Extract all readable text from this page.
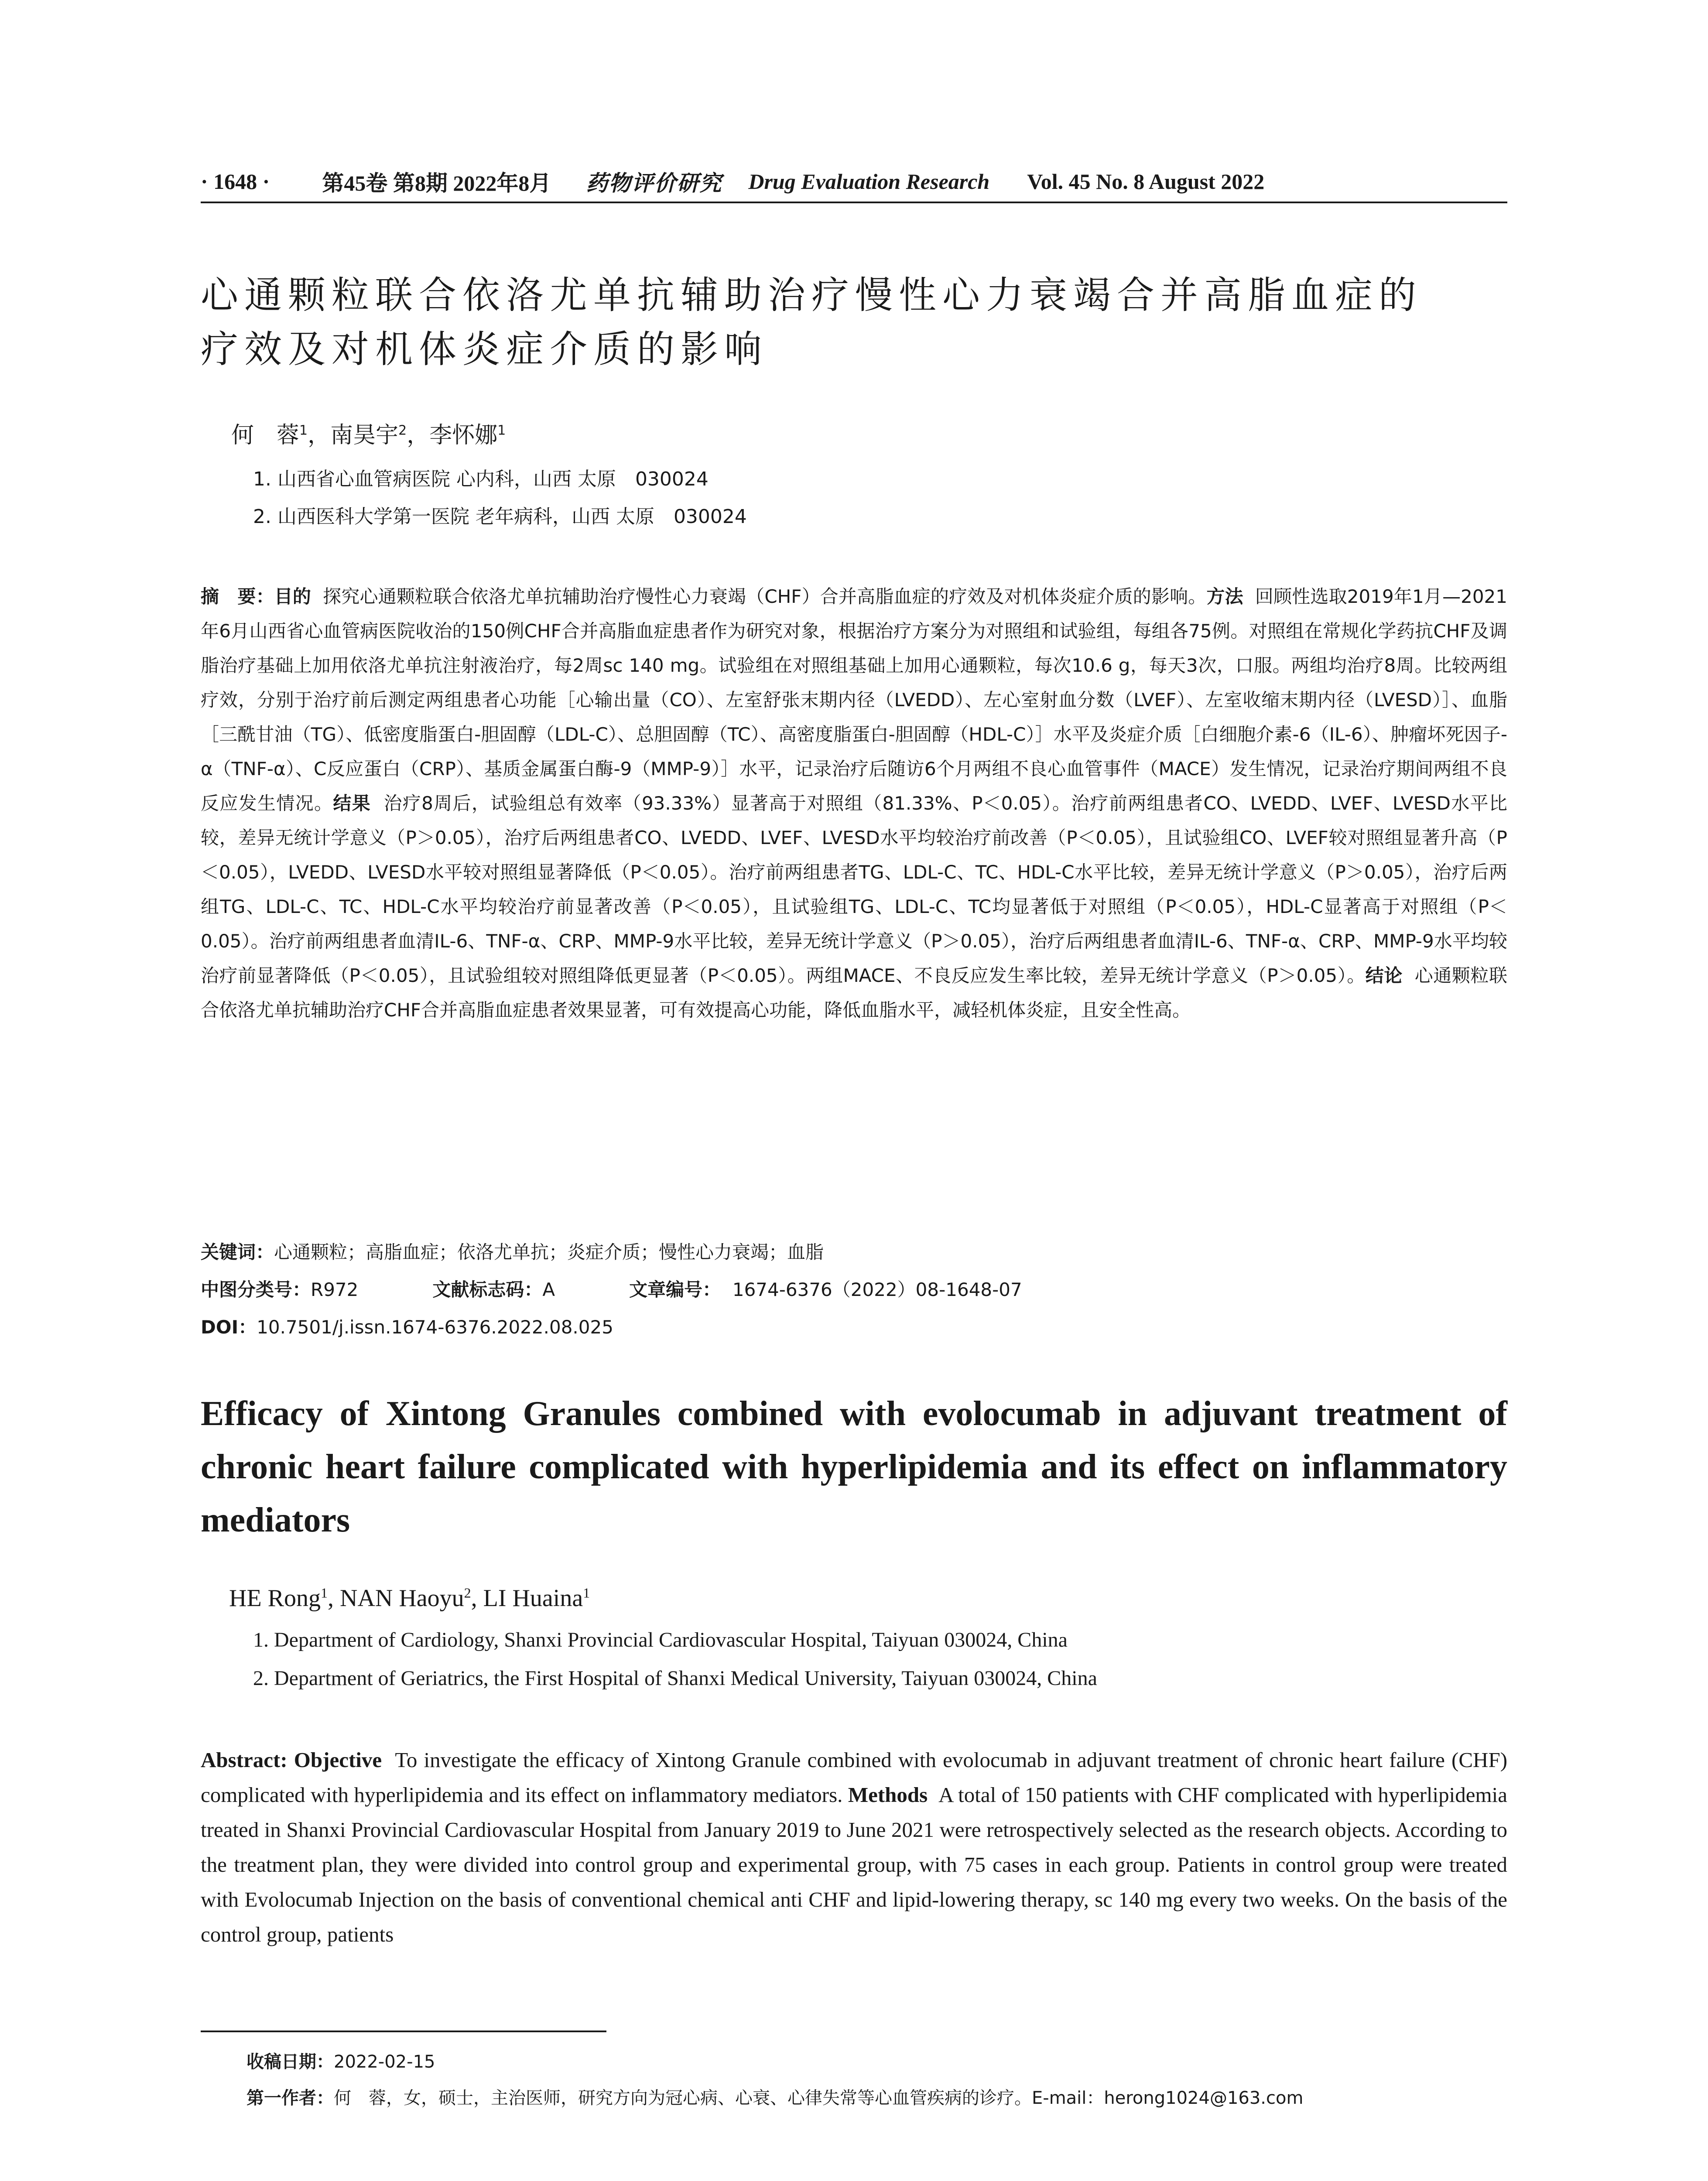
· 1648 · 第45卷 第8期 2022年8月 药物评价研究 Drug Evaluation Research Vol. 45 No. 8 August 2022
心通颗粒联合依洛尤单抗辅助治疗慢性心力衰竭合并高脂血症的
疗效及对机体炎症介质的影响
何　蓉$^1$，南昊宇$^2$，李怀娜$^1$
1. 山西省心血管病医院 心内科，山西 太原　030024
2. 山西医科大学第一医院 老年病科，山西 太原　030024

摘　要：目的 探究心通颗粒联合依洛尤单抗辅助治疗慢性心力衰竭（CHF）合并高脂血症的疗效及对机体炎症介质的影响。方法 回顾性选取2019年1月—2021年6月山西省心血管病医院收治的150例CHF合并高脂血症患者作为研究对象，根据治疗方案分为对照组和试验组，每组各75例。对照组在常规化学药抗CHF及调脂治疗基础上加用依洛尤单抗注射液治疗，每2周sc 140 mg。试验组在对照组基础上加用心通颗粒，每次10.6 g，每天3次，口服。两组均治疗8周。比较两组疗效，分别于治疗前后测定两组患者心功能［心输出量（CO）、左室舒张末期内径（LVEDD）、左心室射血分数（LVEF）、左室收缩末期内径（LVESD）］、血脂［三酰甘油（TG）、低密度脂蛋白-胆固醇（LDL-C）、总胆固醇（TC）、高密度脂蛋白-胆固醇（HDL-C）］水平及炎症介质［白细胞介素-6（IL-6）、肿瘤坏死因子-α（TNF-α）、C反应蛋白（CRP）、基质金属蛋白酶-9（MMP-9）］水平，记录治疗后随访6个月两组不良心血管事件（MACE）发生情况，记录治疗期间两组不良反应发生情况。结果 治疗8周后，试验组总有效率（93.33%）显著高于对照组（81.33%、P＜0.05）。治疗前两组患者CO、LVEDD、LVEF、LVESD水平比较，差异无统计学意义（P＞0.05），治疗后两组患者CO、LVEDD、LVEF、LVESD水平均较治疗前改善（P＜0.05），且试验组CO、LVEF较对照组显著升高（P＜0.05），LVEDD、LVESD水平较对照组显著降低（P＜0.05）。治疗前两组患者TG、LDL-C、TC、HDL-C水平比较，差异无统计学意义（P＞0.05），治疗后两组TG、LDL-C、TC、HDL-C水平均较治疗前显著改善（P＜0.05），且试验组TG、LDL-C、TC均显著低于对照组（P＜0.05），HDL-C显著高于对照组（P＜0.05）。治疗前两组患者血清IL-6、TNF-α、CRP、MMP-9水平比较，差异无统计学意义（P＞0.05），治疗后两组患者血清IL-6、TNF-α、CRP、MMP-9水平均较治疗前显著降低（P＜0.05），且试验组较对照组降低更显著（P＜0.05）。两组MACE、不良反应发生率比较，差异无统计学意义（P＞0.05）。结论 心通颗粒联合依洛尤单抗辅助治疗CHF合并高脂血症患者效果显著，可有效提高心功能，降低血脂水平，减轻机体炎症，且安全性高。

关键词：心通颗粒；高脂血症；依洛尤单抗；炎症介质；慢性心力衰竭；血脂
中图分类号：R972	文献标志码：A	文章编号： 1674-6376（2022）08-1648-07
DOI：10.7501/j.issn.1674-6376.2022.08.025
Efficacy of Xintong Granules combined with evolocumab in adjuvant treatment of chronic heart failure complicated with hyperlipidemia and its effect on inflammatory mediators
HE Rong$^1$, NAN Haoyu$^2$, LI Huaina$^1$
1. Department of Cardiology, Shanxi Provincial Cardiovascular Hospital, Taiyuan 030024, China
2. Department of Geriatrics, the First Hospital of Shanxi Medical University, Taiyuan 030024, China

Abstract: Objective To investigate the efficacy of Xintong Granule combined with evolocumab in adjuvant treatment of chronic heart failure (CHF) complicated with hyperlipidemia and its effect on inflammatory mediators. Methods A total of 150 patients with CHF complicated with hyperlipidemia treated in Shanxi Provincial Cardiovascular Hospital from January 2019 to June 2021 were retrospectively selected as the research objects. According to the treatment plan, they were divided into control group and experimental group, with 75 cases in each group. Patients in control group were treated with Evolocumab Injection on the basis of conventional chemical anti CHF and lipid-lowering therapy, sc 140 mg every two weeks. On the basis of the control group, patients

收稿日期：2022-02-15
第一作者：何　蓉，女，硕士，主治医师，研究方向为冠心病、心衰、心律失常等心血管疾病的诊疗。E-mail：herong1024@163.com
